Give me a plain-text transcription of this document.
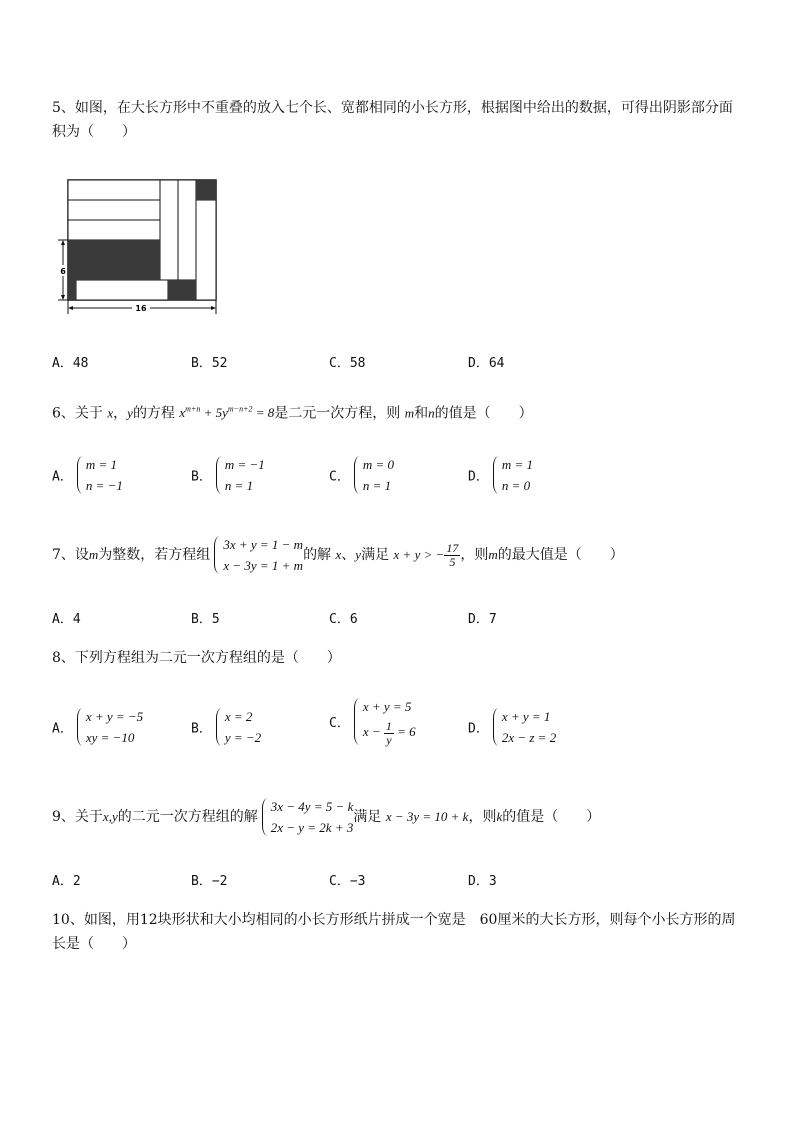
5、如图，在大长方形中不重叠的放入七个长、宽都相同的小长方形，根据图中给出的数据，可得出阴影部分面积为（　　）
6
16
A．48	B．52	C．58	D．64
6、关于 x，y的方程 $x^{m+n} + 5y^{m-n+2} = 8$是二元一次方程，则 m和n的值是（　　）
A．
m = 1
n = −1
B．
m = −1
n = 1
C．
m = 0
n = 1
D．
m = 1
n = 0
7、设m为整数，若方程组
3x + y = 1 − m
x − 3y = 1 + m
的解 x、y满足 x + y > − $\frac{17}{5}$ ，则m的最大值是（　　）
A．4	B．5	C．6	D．7
8、下列方程组为二元一次方程组的是（　　）
A．
x + y = −5
xy = −10
B．
x = 2
y = −2
C．
x + y = 5
$x - \frac{1}{y} = 6$	D．
x + y = 1
2x − z = 2
9、关于x,y的二元一次方程组的解
3x − 4y = 5 − k
2x − y = 2k + 3
满足 x − 3y = 10 + k，则k的值是（　　）
A．2	B．−2	C．−3	D．3
10、如图，用12块形状和大小均相同的小长方形纸片拼成一个宽是　60厘米的大长方形，则每个小长方形的周长是（　　）
